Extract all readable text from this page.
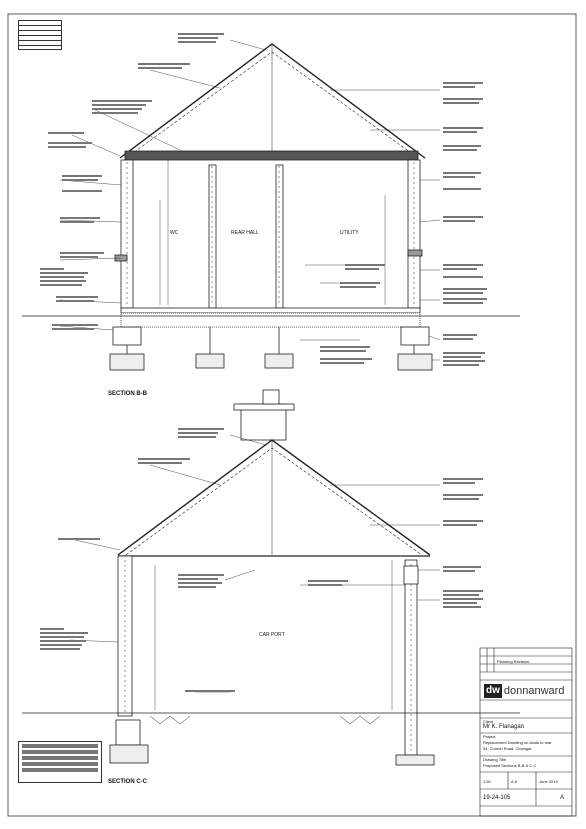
WC	REAR HALL	UTILITY
CAR PORT
SECTION B-B
SECTION C-C
Planning Revision
dw donnanward
Client
Mr K. Flanagan
Project
Replacement Dwelling on lands to rear
34, Church Road, Cloxagar
Drawing Title
Proposed Sections B-B & C-C
1:50	A.K	June 2019
19-24-105	A
